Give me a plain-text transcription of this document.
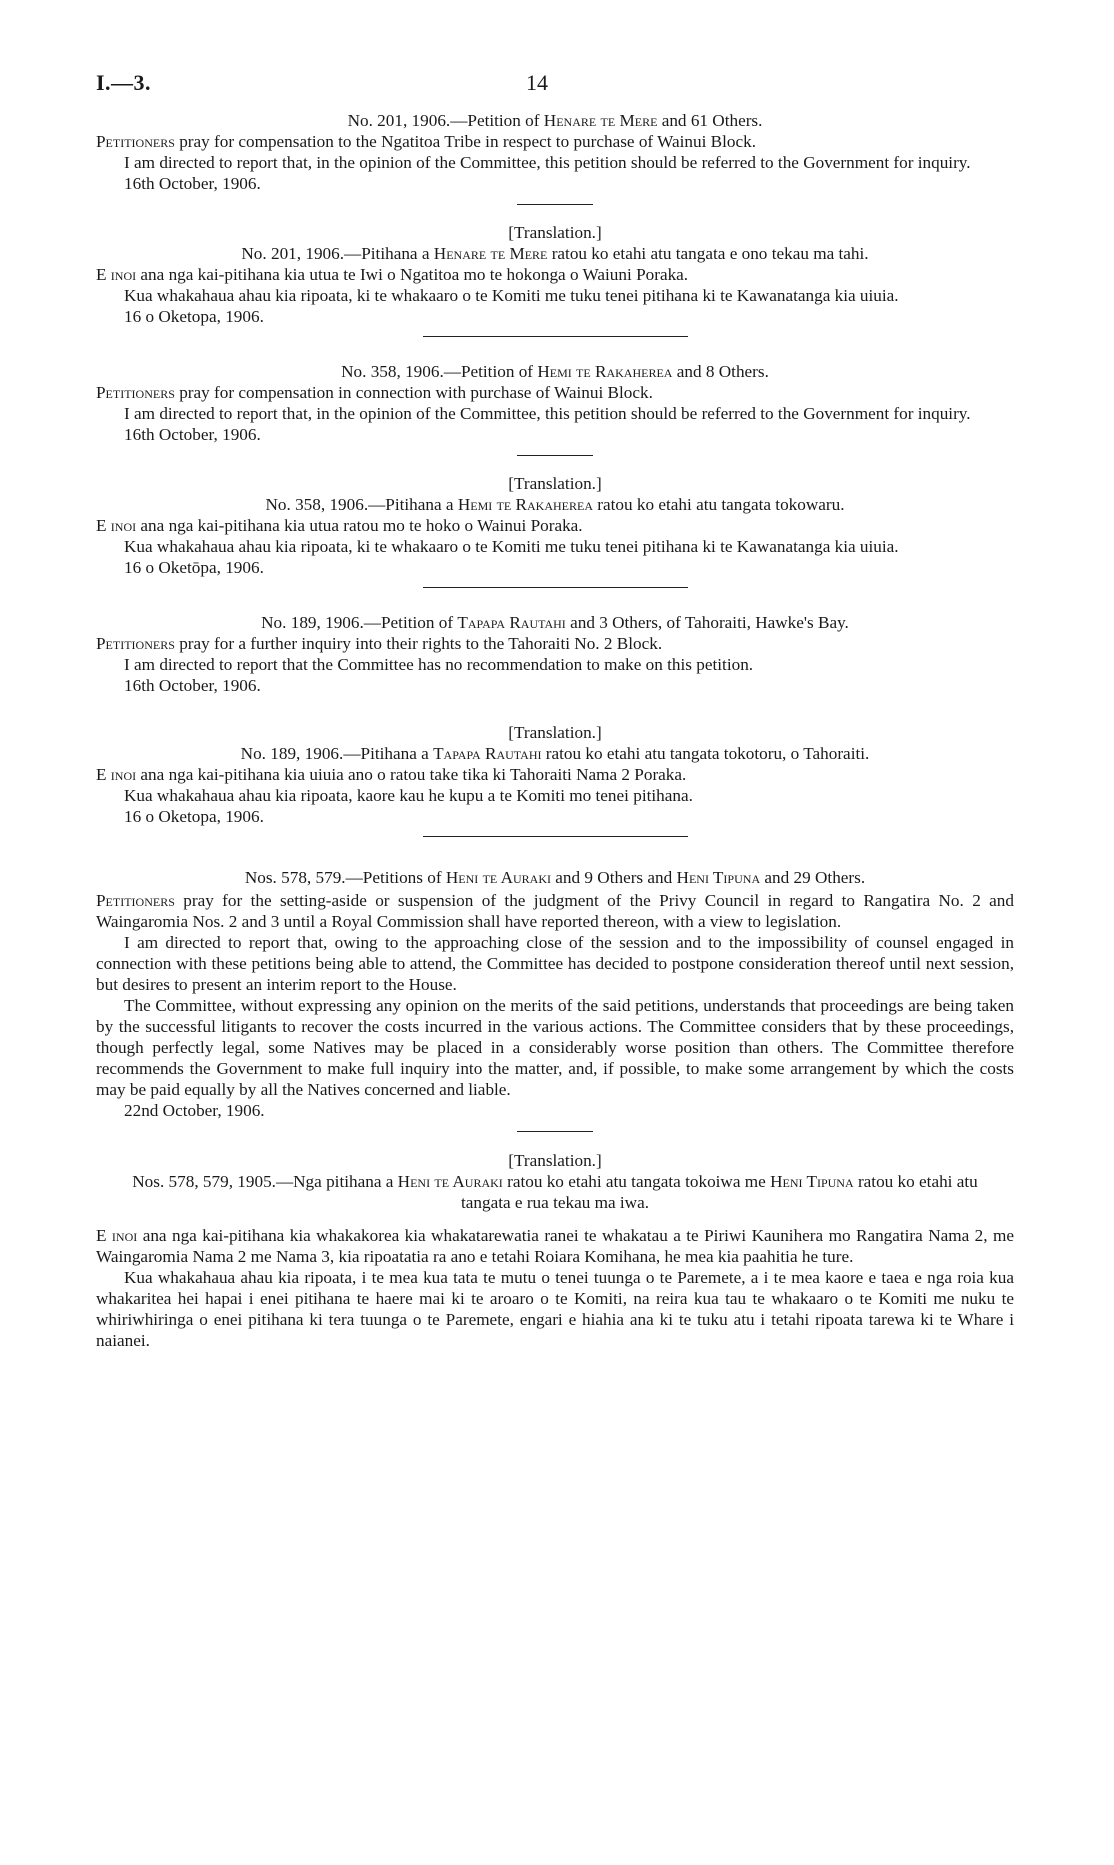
I.—3.	14

No. 201, 1906.—Petition of Henare te Mere and 61 Others.

Petitioners pray for compensation to the Ngatitoa Tribe in respect to purchase of Wainui Block.

I am directed to report that, in the opinion of the Committee, this petition should be referred to the Government for inquiry.

16th October, 1906.

[Translation.]

No. 201, 1906.—Pitihana a Henare te Mere ratou ko etahi atu tangata e ono tekau ma tahi.

E inoi ana nga kai-pitihana kia utua te Iwi o Ngatitoa mo te hokonga o Waiuni Poraka.

Kua whakahaua ahau kia ripoata, ki te whakaaro o te Komiti me tuku tenei pitihana ki te Kawanatanga kia uiuia.

16 o Oketopa, 1906.

No. 358, 1906.—Petition of Hemi te Rakaherea and 8 Others.

Petitioners pray for compensation in connection with purchase of Wainui Block.

I am directed to report that, in the opinion of the Committee, this petition should be referred to the Government for inquiry.

16th October, 1906.

[Translation.]

No. 358, 1906.—Pitihana a Hemi te Rakaherea ratou ko etahi atu tangata tokowaru.

E inoi ana nga kai-pitihana kia utua ratou mo te hoko o Wainui Poraka.

Kua whakahaua ahau kia ripoata, ki te whakaaro o te Komiti me tuku tenei pitihana ki te Kawanatanga kia uiuia.

16 o Oketōpa, 1906.

No. 189, 1906.—Petition of Tapapa Rautahi and 3 Others, of Tahoraiti, Hawke's Bay.

Petitioners pray for a further inquiry into their rights to the Tahoraiti No. 2 Block.

I am directed to report that the Committee has no recommendation to make on this petition.

16th October, 1906.

[Translation.]

No. 189, 1906.—Pitihana a Tapapa Rautahi ratou ko etahi atu tangata tokotoru, o Tahoraiti.

E inoi ana nga kai-pitihana kia uiuia ano o ratou take tika ki Tahoraiti Nama 2 Poraka.

Kua whakahaua ahau kia ripoata, kaore kau he kupu a te Komiti mo tenei pitihana.

16 o Oketopa, 1906.

Nos. 578, 579.—Petitions of Heni te Auraki and 9 Others and Heni Tipuna and 29 Others.

Petitioners pray for the setting-aside or suspension of the judgment of the Privy Council in regard to Rangatira No. 2 and Waingaromia Nos. 2 and 3 until a Royal Commission shall have reported thereon, with a view to legislation.

I am directed to report that, owing to the approaching close of the session and to the impossibility of counsel engaged in connection with these petitions being able to attend, the Committee has decided to postpone consideration thereof until next session, but desires to present an interim report to the House.

The Committee, without expressing any opinion on the merits of the said petitions, understands that proceedings are being taken by the successful litigants to recover the costs incurred in the various actions. The Committee considers that by these proceedings, though perfectly legal, some Natives may be placed in a considerably worse position than others. The Committee therefore recommends the Government to make full inquiry into the matter, and, if possible, to make some arrangement by which the costs may be paid equally by all the Natives concerned and liable.

22nd October, 1906.

[Translation.]

Nos. 578, 579, 1905.—Nga pitihana a Heni te Auraki ratou ko etahi atu tangata tokoiwa me Heni Tipuna ratou ko etahi atu tangata e rua tekau ma iwa.

E inoi ana nga kai-pitihana kia whakakorea kia whakatarewatia ranei te whakatau a te Piriwi Kaunihera mo Rangatira Nama 2, me Waingaromia Nama 2 me Nama 3, kia ripoatatia ra ano e tetahi Roiara Komihana, he mea kia paahitia he ture.

Kua whakahaua ahau kia ripoata, i te mea kua tata te mutu o tenei tuunga o te Paremete, a i te mea kaore e taea e nga roia kua whakaritea hei hapai i enei pitihana te haere mai ki te aroaro o te Komiti, na reira kua tau te whakaaro o te Komiti me nuku te whiriwhiringa o enei pitihana ki tera tuunga o te Paremete, engari e hiahia ana ki te tuku atu i tetahi ripoata tarewa ki te Whare i naianei.
